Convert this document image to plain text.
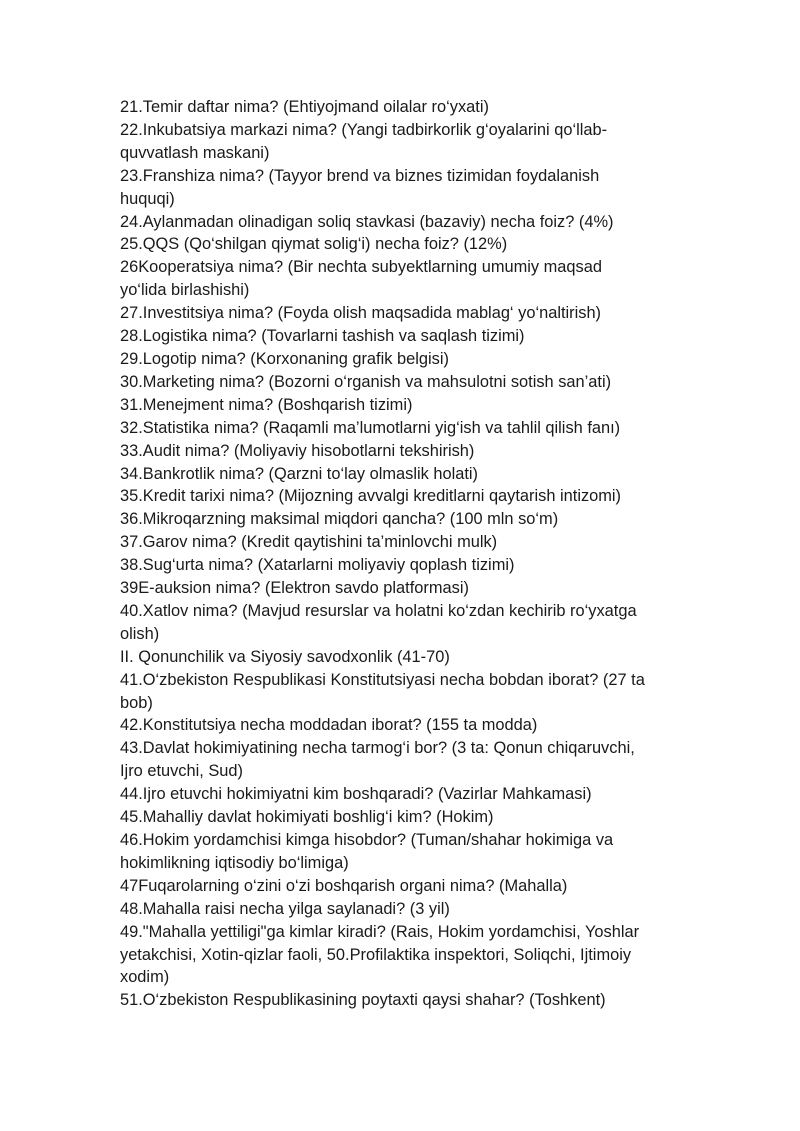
21.Temir daftar nima? (Ehtiyojmand oilalar ro‘yxati)
22.Inkubatsiya markazi nima? (Yangi tadbirkorlik g‘oyalarini qo‘llab-
quvvatlash maskani)
23.Franshiza nima? (Tayyor brend va biznes tizimidan foydalanish
huquqi)
24.Aylanmadan olinadigan soliq stavkasi (bazaviy) necha foiz? (4%)
25.QQS (Qo‘shilgan qiymat solig‘i) necha foiz? (12%)
26Kooperatsiya nima? (Bir nechta subyektlarning umumiy maqsad
yo‘lida birlashishi)
27.Investitsiya nima? (Foyda olish maqsadida mablag‘ yo‘naltirish)
28.Logistika nima? (Tovarlarni tashish va saqlash tizimi)
29.Logotip nima? (Korxonaning grafik belgisi)
30.Marketing nima? (Bozorni o‘rganish va mahsulotni sotish san’ati)
31.Menejment nima? (Boshqarish tizimi)
32.Statistika nima? (Raqamli ma’lumotlarni yig‘ish va tahlil qilish fanı)
33.Audit nima? (Moliyaviy hisobotlarni tekshirish)
34.Bankrotlik nima? (Qarzni to‘lay olmaslik holati)
35.Kredit tarixi nima? (Mijozning avvalgi kreditlarni qaytarish intizomi)
36.Mikroqarzning maksimal miqdori qancha? (100 mln so‘m)
37.Garov nima? (Kredit qaytishini ta’minlovchi mulk)
38.Sug‘urta nima? (Xatarlarni moliyaviy qoplash tizimi)
39E-auksion nima? (Elektron savdo platformasi)
40.Xatlov nima? (Mavjud resurslar va holatni ko‘zdan kechirib ro‘yxatga
olish)
II. Qonunchilik va Siyosiy savodxonlik (41-70)
41.O‘zbekiston Respublikasi Konstitutsiyasi necha bobdan iborat? (27 ta
bob)
42.Konstitutsiya necha moddadan iborat? (155 ta modda)
43.Davlat hokimiyatining necha tarmog‘i bor? (3 ta: Qonun chiqaruvchi,
Ijro etuvchi, Sud)
44.Ijro etuvchi hokimiyatni kim boshqaradi? (Vazirlar Mahkamasi)
45.Mahalliy davlat hokimiyati boshlig‘i kim? (Hokim)
46.Hokim yordamchisi kimga hisobdor? (Tuman/shahar hokimiga va
hokimlikning iqtisodiy bo‘limiga)
47Fuqarolarning o‘zini o‘zi boshqarish organi nima? (Mahalla)
48.Mahalla raisi necha yilga saylanadi? (3 yil)
49."Mahalla yettiligi"ga kimlar kiradi? (Rais, Hokim yordamchisi, Yoshlar
yetakchisi, Xotin-qizlar faoli, 50.Profilaktika inspektori, Soliqchi, Ijtimoiy
xodim)
51.O‘zbekiston Respublikasining poytaxti qaysi shahar? (Toshkent)
